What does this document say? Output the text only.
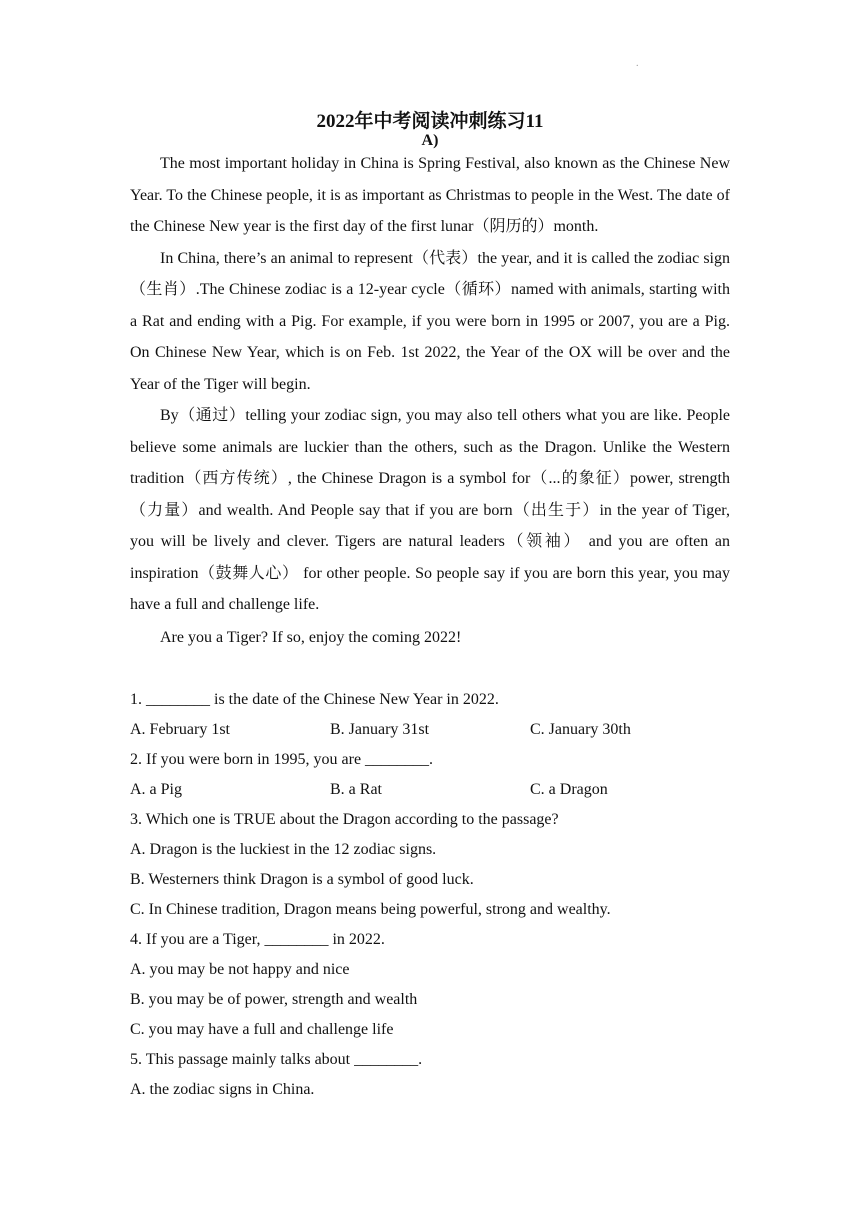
.
2022年中考阅读冲刺练习11
A)

The most important holiday in China is Spring Festival, also known as the Chinese New Year. To the Chinese people, it is as important as Christmas to people in the West. The date of the Chinese New year is the first day of the first lunar（阴历的）month.

In China, there’s an animal to represent（代表）the year, and it is called the zodiac sign（生肖）.The Chinese zodiac is a 12-year cycle（循环）named with animals, starting with a Rat and ending with a Pig. For example, if you were born in 1995 or 2007, you are a Pig. On Chinese New Year, which is on Feb. 1st 2022, the Year of the OX will be over and the Year of the Tiger will begin.

By（通过）telling your zodiac sign, you may also tell others what you are like. People believe some animals are luckier than the others, such as the Dragon. Unlike the Western tradition（西方传统）, the Chinese Dragon is a symbol for（...的象征）power, strength（力量）and wealth. And People say that if you are born（出生于）in the year of Tiger, you will be lively and clever. Tigers are natural leaders（领袖） and you are often an inspiration（鼓舞人心） for other people. So people say if you are born this year, you may have a full and challenge life.

Are you a Tiger? If so, enjoy the coming 2022!

1. ________ is the date of the Chinese New Year in 2022.
A. February 1st	B. January 31st	C. January 30th
2. If you were born in 1995, you are ________.
A. a Pig	B. a Rat	C. a Dragon
3. Which one is TRUE about the Dragon according to the passage?
A. Dragon is the luckiest in the 12 zodiac signs.
B. Westerners think Dragon is a symbol of good luck.
C. In Chinese tradition, Dragon means being powerful, strong and wealthy.
4. If you are a Tiger, ________ in 2022.
A. you may be not happy and nice
B. you may be of power, strength and wealth
C. you may have a full and challenge life
5. This passage mainly talks about ________.
A. the zodiac signs in China.
